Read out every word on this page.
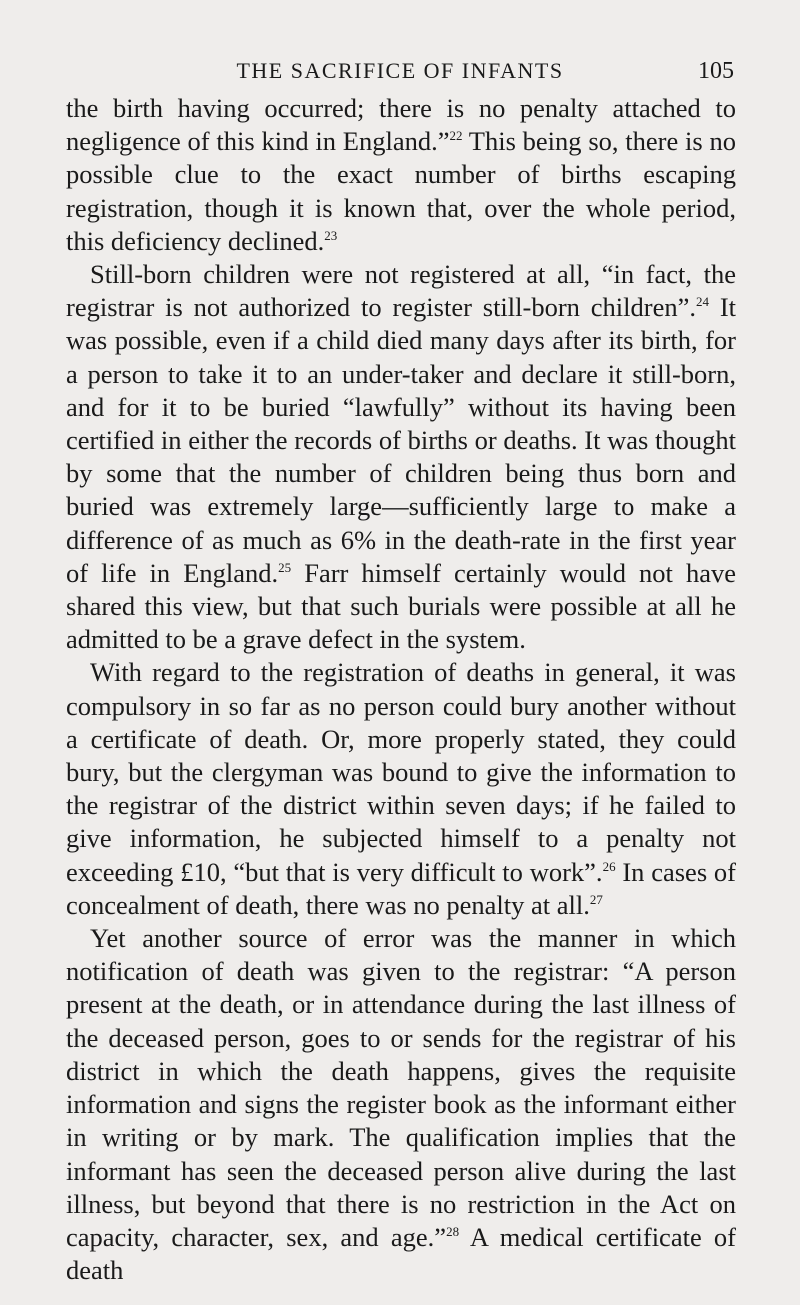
THE SACRIFICE OF INFANTS	105

the birth having occurred; there is no penalty attached to negligence of this kind in England.”$^{22}$ This being so, there is no possible clue to the exact number of births escaping registration, though it is known that, over the whole period, this deficiency declined.$^{23}$

Still-born children were not registered at all, “in fact, the registrar is not authorized to register still-born children”.$^{24}$ It was possible, even if a child died many days after its birth, for a person to take it to an under-taker and declare it still-born, and for it to be buried “lawfully” without its having been certified in either the records of births or deaths. It was thought by some that the number of children being thus born and buried was extremely large—sufficiently large to make a difference of as much as 6% in the death-rate in the first year of life in England.$^{25}$ Farr himself certainly would not have shared this view, but that such burials were possible at all he admitted to be a grave defect in the system.

With regard to the registration of deaths in general, it was compulsory in so far as no person could bury another without a certificate of death. Or, more properly stated, they could bury, but the clergyman was bound to give the information to the registrar of the district within seven days; if he failed to give information, he subjected himself to a penalty not exceeding £10, “but that is very difficult to work”.$^{26}$ In cases of concealment of death, there was no penalty at all.$^{27}$

Yet another source of error was the manner in which notification of death was given to the registrar: “A person present at the death, or in attendance during the last illness of the deceased person, goes to or sends for the registrar of his district in which the death happens, gives the requisite information and signs the register book as the informant either in writing or by mark. The qualification implies that the informant has seen the deceased person alive during the last illness, but beyond that there is no restriction in the Act on capacity, character, sex, and age.”$^{28}$ A medical certificate of death
